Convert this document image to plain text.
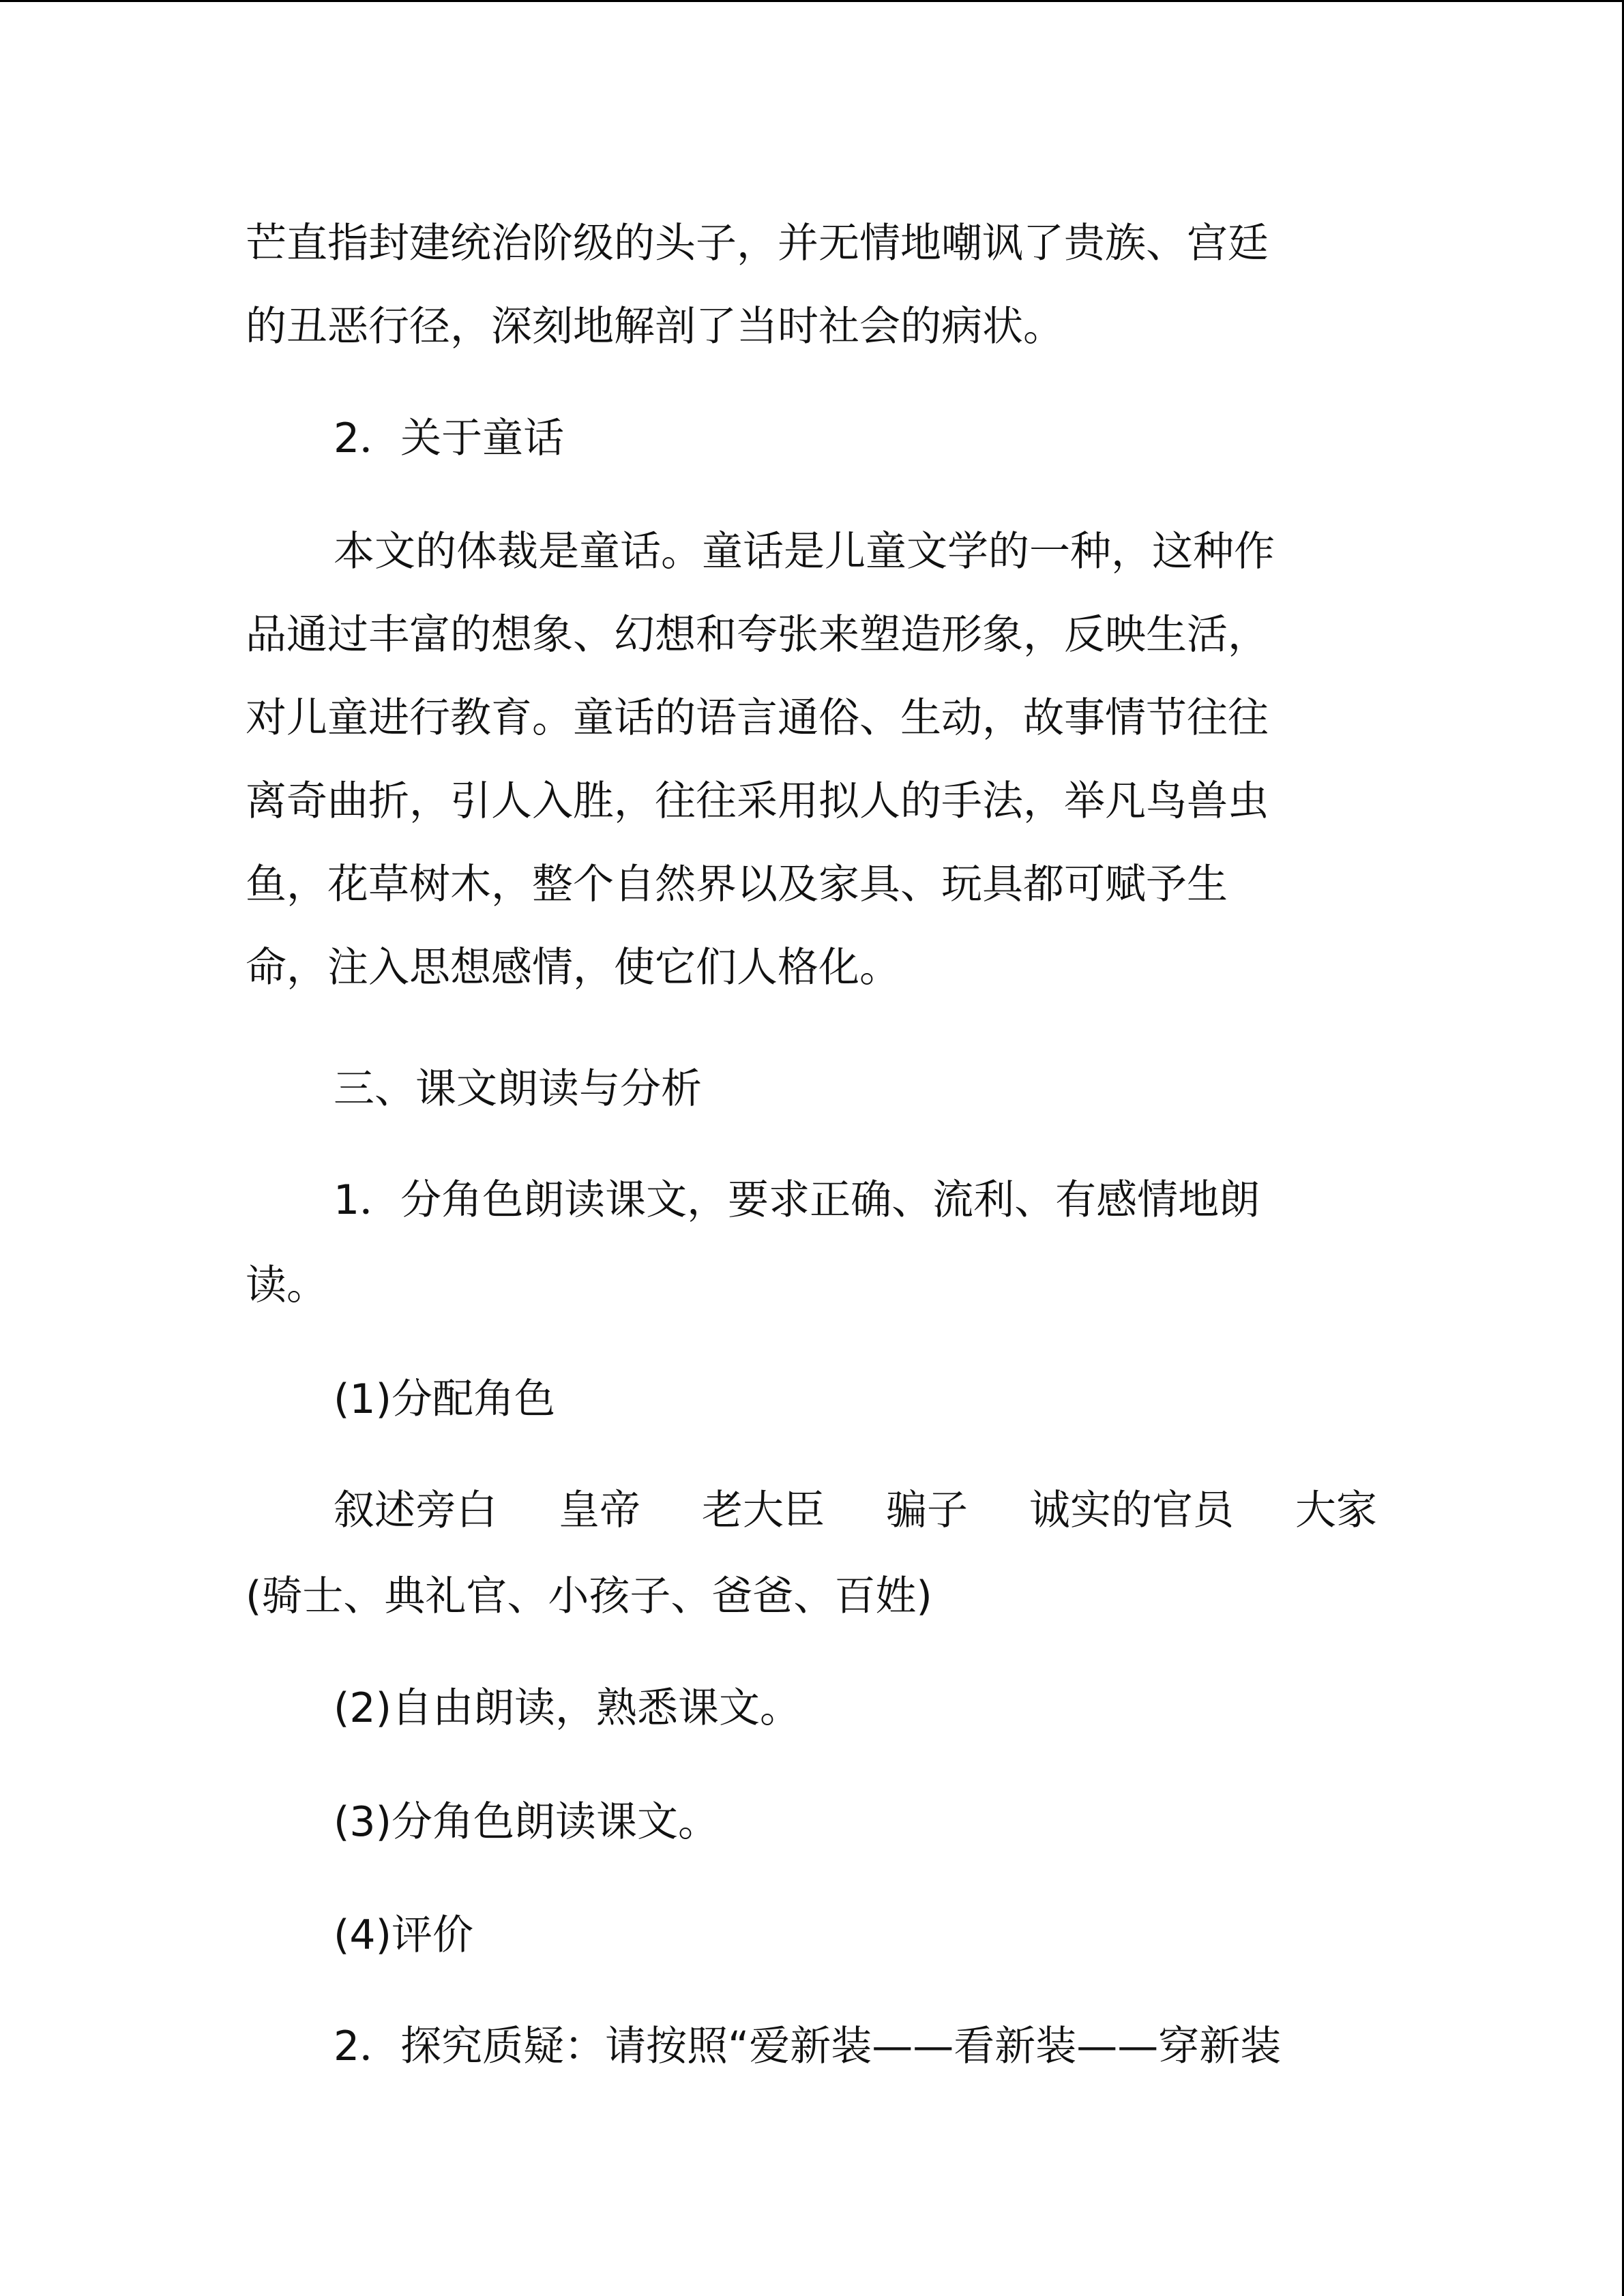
芒直指封建统治阶级的头子，并无情地嘲讽了贵族、宫廷

的丑恶行径，深刻地解剖了当时社会的病状。

2．关于童话

本文的体裁是童话。童话是儿童文学的一种，这种作

品通过丰富的想象、幻想和夸张来塑造形象，反映生活，

对儿童进行教育。童话的语言通俗、生动，故事情节往往

离奇曲折，引人入胜，往往采用拟人的手法，举凡鸟兽虫

鱼，花草树木，整个自然界以及家具、玩具都可赋予生

命，注入思想感情，使它们人格化。

三、课文朗读与分析

1．分角色朗读课文，要求正确、流利、有感情地朗

读。

(1)分配角色

叙述旁白 皇帝 老大臣 骗子 诚实的官员 大家

(骑士、典礼官、小孩子、爸爸、百姓)

(2)自由朗读，熟悉课文。

(3)分角色朗读课文。

(4)评价

2．探究质疑：请按照“爱新装——看新装——穿新装
